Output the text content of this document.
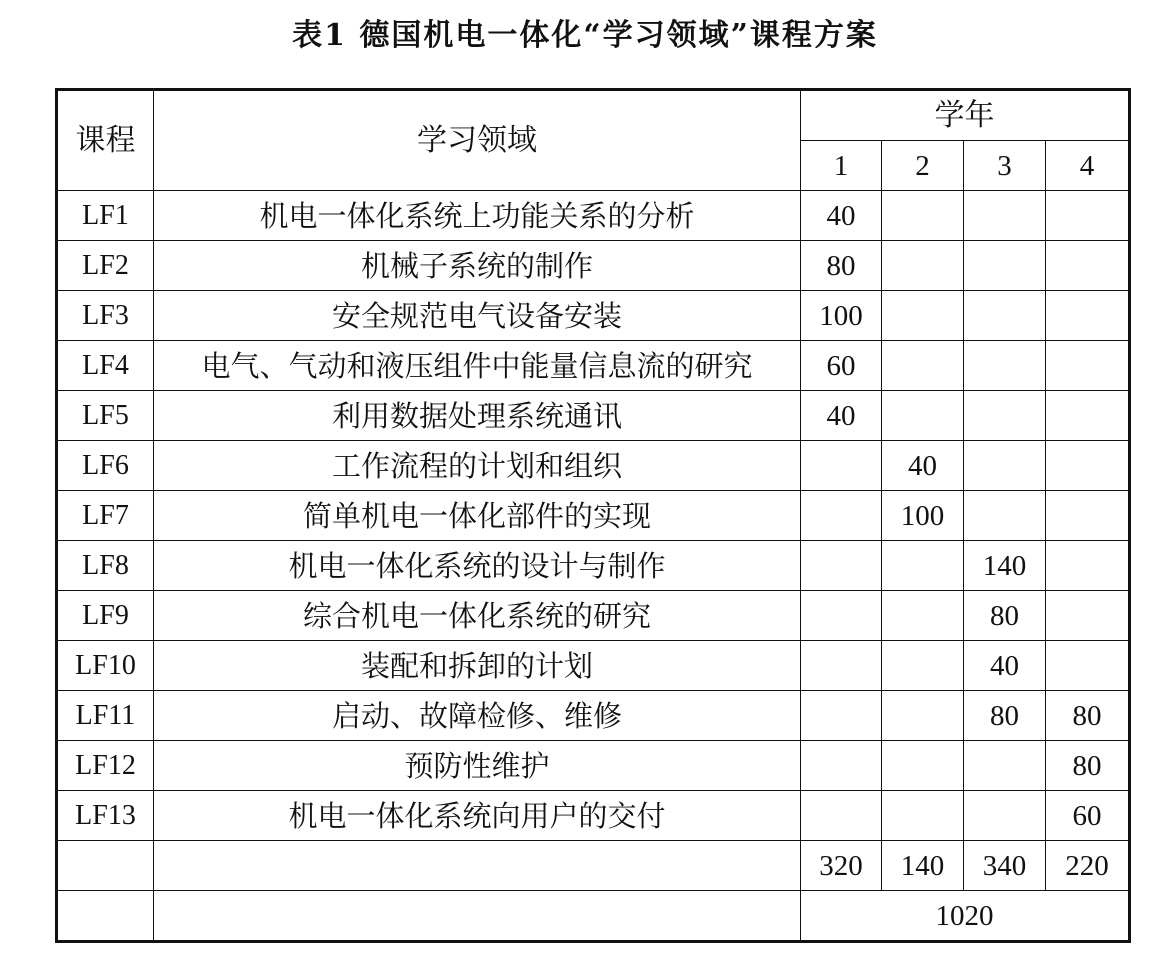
表1 德国机电一体化“学习领域”课程方案
课程	学习领域	学年			
		1	2	3	4
LF1	机电一体化系统上功能关系的分析	40			
LF2	机械子系统的制作	80			
LF3	安全规范电气设备安装	100			
LF4	电气、气动和液压组件中能量信息流的研究	60			
LF5	利用数据处理系统通讯	40			
LF6	工作流程的计划和组织		40		
LF7	简单机电一体化部件的实现		100		
LF8	机电一体化系统的设计与制作			140	
LF9	综合机电一体化系统的研究			80	
LF10	装配和拆卸的计划			40	
LF11	启动、故障检修、维修			80	80
LF12	预防性维护				80
LF13	机电一体化系统向用户的交付				60
		320	140	340	220
		1020			
